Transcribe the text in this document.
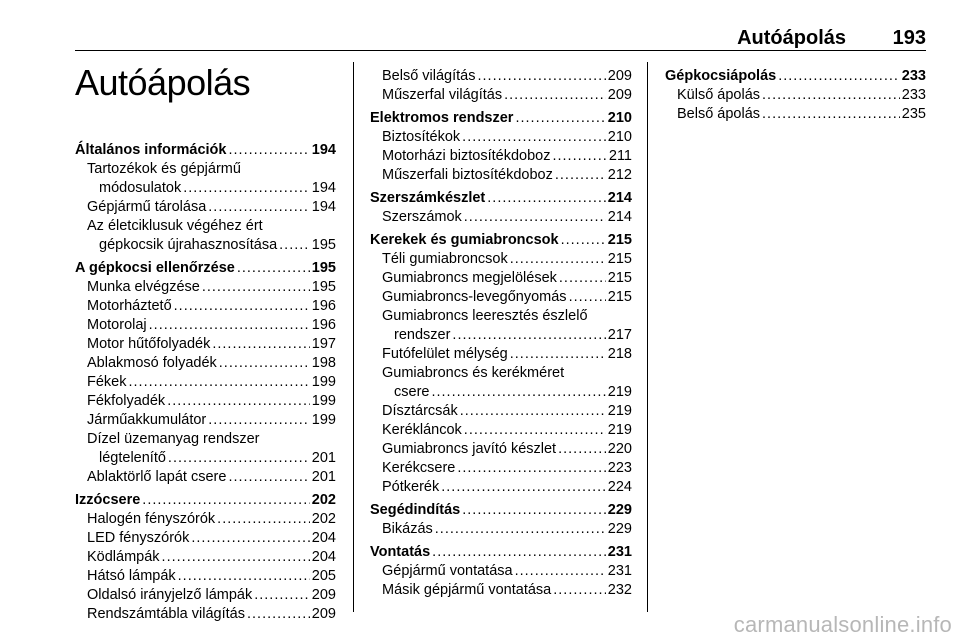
Autóápolás 193
Autóápolás
Általános információk .....	194
Tartozékok és gépjármű
módosulatok .....	194
Gépjármű tárolása .....	194
Az életciklusuk végéhez ért
gépkocsik újrahasznosítása ..... 195
A gépkocsi ellenőrzése .....	195
Munka elvégzése .....	195
Motorháztető .....	196
Motorolaj .....	196
Motor hűtőfolyadék .....	197
Ablakmosó folyadék .....	198
Fékek .....	199
Fékfolyadék .....	199
Járműakkumulátor .....	199
Dízel üzemanyag rendszer
légtelenítő .....	201
Ablaktörlő lapát csere .....	201
Izzócsere .....	202
Halogén fényszórók .....	202
LED fényszórók .....	204
Ködlámpák .....	204
Hátsó lámpák .....	205
Oldalsó irányjelző lámpák .....	209
Rendszámtábla világítás .....	209
Belső világítás .....	209
Műszerfal világítás .....	209
Elektromos rendszer .....	210
Biztosítékok .....	210
Motorházi biztosítékdoboz .....	211
Műszerfali biztosítékdoboz .....	212
Szerszámkészlet .....	214
Szerszámok .....	214
Kerekek és gumiabroncsok .....	215
Téli gumiabroncsok .....	215
Gumiabroncs megjelölések .....	215
Gumiabroncs-levegőnyomás .....	215
Gumiabroncs leeresztés észlelő
rendszer .....	217
Futófelület mélység .....	218
Gumiabroncs és kerékméret
csere .....	219
Dísztárcsák .....	219
Kerékláncok .....	219
Gumiabroncs javító készlet .....	220
Kerékcsere .....	223
Pótkerék .....	224
Segédindítás .....	229
Bikázás .....	229
Vontatás .....	231
Gépjármű vontatása .....	231
Másik gépjármű vontatása .....	232
Gépkocsiápolás .....	233
Külső ápolás .....	233
Belső ápolás .....	235
carmanualsonline.info
